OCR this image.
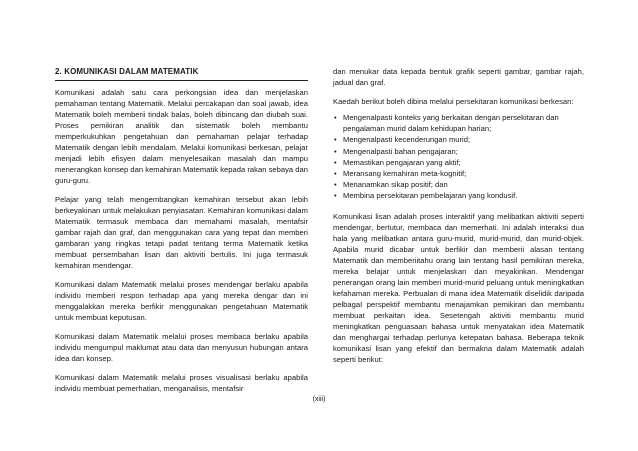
2. KOMUNIKASI DALAM MATEMATIK

Komunikasi adalah satu cara perkongsian idea dan menjelaskan pemahaman tentang Matematik. Melalui percakapan dan soal jawab, idea Matematik boleh memberii tindak balas, boleh dibincang dan diubah suai. Proses pemikiran analitik dan sistematik boleh membantu memperkukuhkan pengetahuan dan pemahaman pelajar terhadap Matematik dengan lebih mendalam. Melalui komunikasi berkesan, pelajar menjadi lebih efisyen dalam menyelesaikan masalah dan mampu menerangkan konsep dan kemahiran Matematik kepada rakan sebaya dan guru-guru.

Pelajar yang telah mengembangkan kemahiran tersebut akan lebih berkeyakinan untuk melakukan penyiasatan. Kemahiran komunikasi dalam Matematik termasuk membaca dan memahami masalah, mentafsir gambar rajah dan graf, dan menggunakan cara yang tepat dan memberi gambaran yang ringkas tetapi padat tentang terma Matematik ketika membuat persembahan lisan dan aktiviti bertulis. Ini juga termasuk kemahiran mendengar.

Komunikasi dalam Matematik melalui proses mendengar berlaku apabila individu memberi respon terhadap apa yang mereka dengar dan ini menggalakkan mereka berfikir menggunakan pengetahuan Matematik untuk membuat keputusan.

Komunikasi dalam Matematik melalui proses membaca berlaku apabila individu mengumpul maklumat atau data dan menyusun hubungan antara idea dan konsep.

Komunikasi dalam Matematik melalui proses visualisasi berlaku apabila individu membuat pemerhatian, menganalisis, mentafsir

dan menukar data kepada bentuk grafik seperti gambar, gambar rajah, jadual dan graf.

Kaedah berikut boleh dibina melalui persekitaran komunikasi berkesan:

• Mengenalpasti konteks yang berkaitan dengan persekitaran dan pengalaman murid dalam kehidupan harian;
• Mengenalpasti kecenderungan murid;
• Mengenalpasti bahan pengajaran;
• Memastikan pengajaran yang aktif;
• Meransang kemahiran meta-kognitif;
• Menanamkan sikap positif; dan
• Membina persekitaran pembelajaran yang kondusif.

Komunikasi lisan adalah proses interaktif yang melibatkan aktiviti seperti mendengar, bertutur, membaca dan memerhati. Ini adalah interaksi dua hala yang melibatkan antara guru-murid, murid-murid, dan murid-objek. Apabila murid dicabar untuk berfikir dan memberii alasan tentang Matematik dan memberiitahu orang lain tentang hasil pemikiran mereka, mereka belajar untuk menjelaskan dan meyakinkan. Mendengar penerangan orang lain memberi murid-murid peluang untuk meningkatkan kefahaman mereka. Perbualan di mana idea Matematik diselidik daripada pelbagaI perspektif membantu menajamkan pemikiran dan membantu membuat perkaitan idea. Sesetengah aktiviti membantu murid meningkatkan penguasaan bahasa untuk menyatakan idea Matematik dan menghargai terhadap perlunya ketepatan bahasa. Beberapa teknik komunikasi lisan yang efektif dan bermakna dalam Matematik adalah seperti berikut:

(xiii)
